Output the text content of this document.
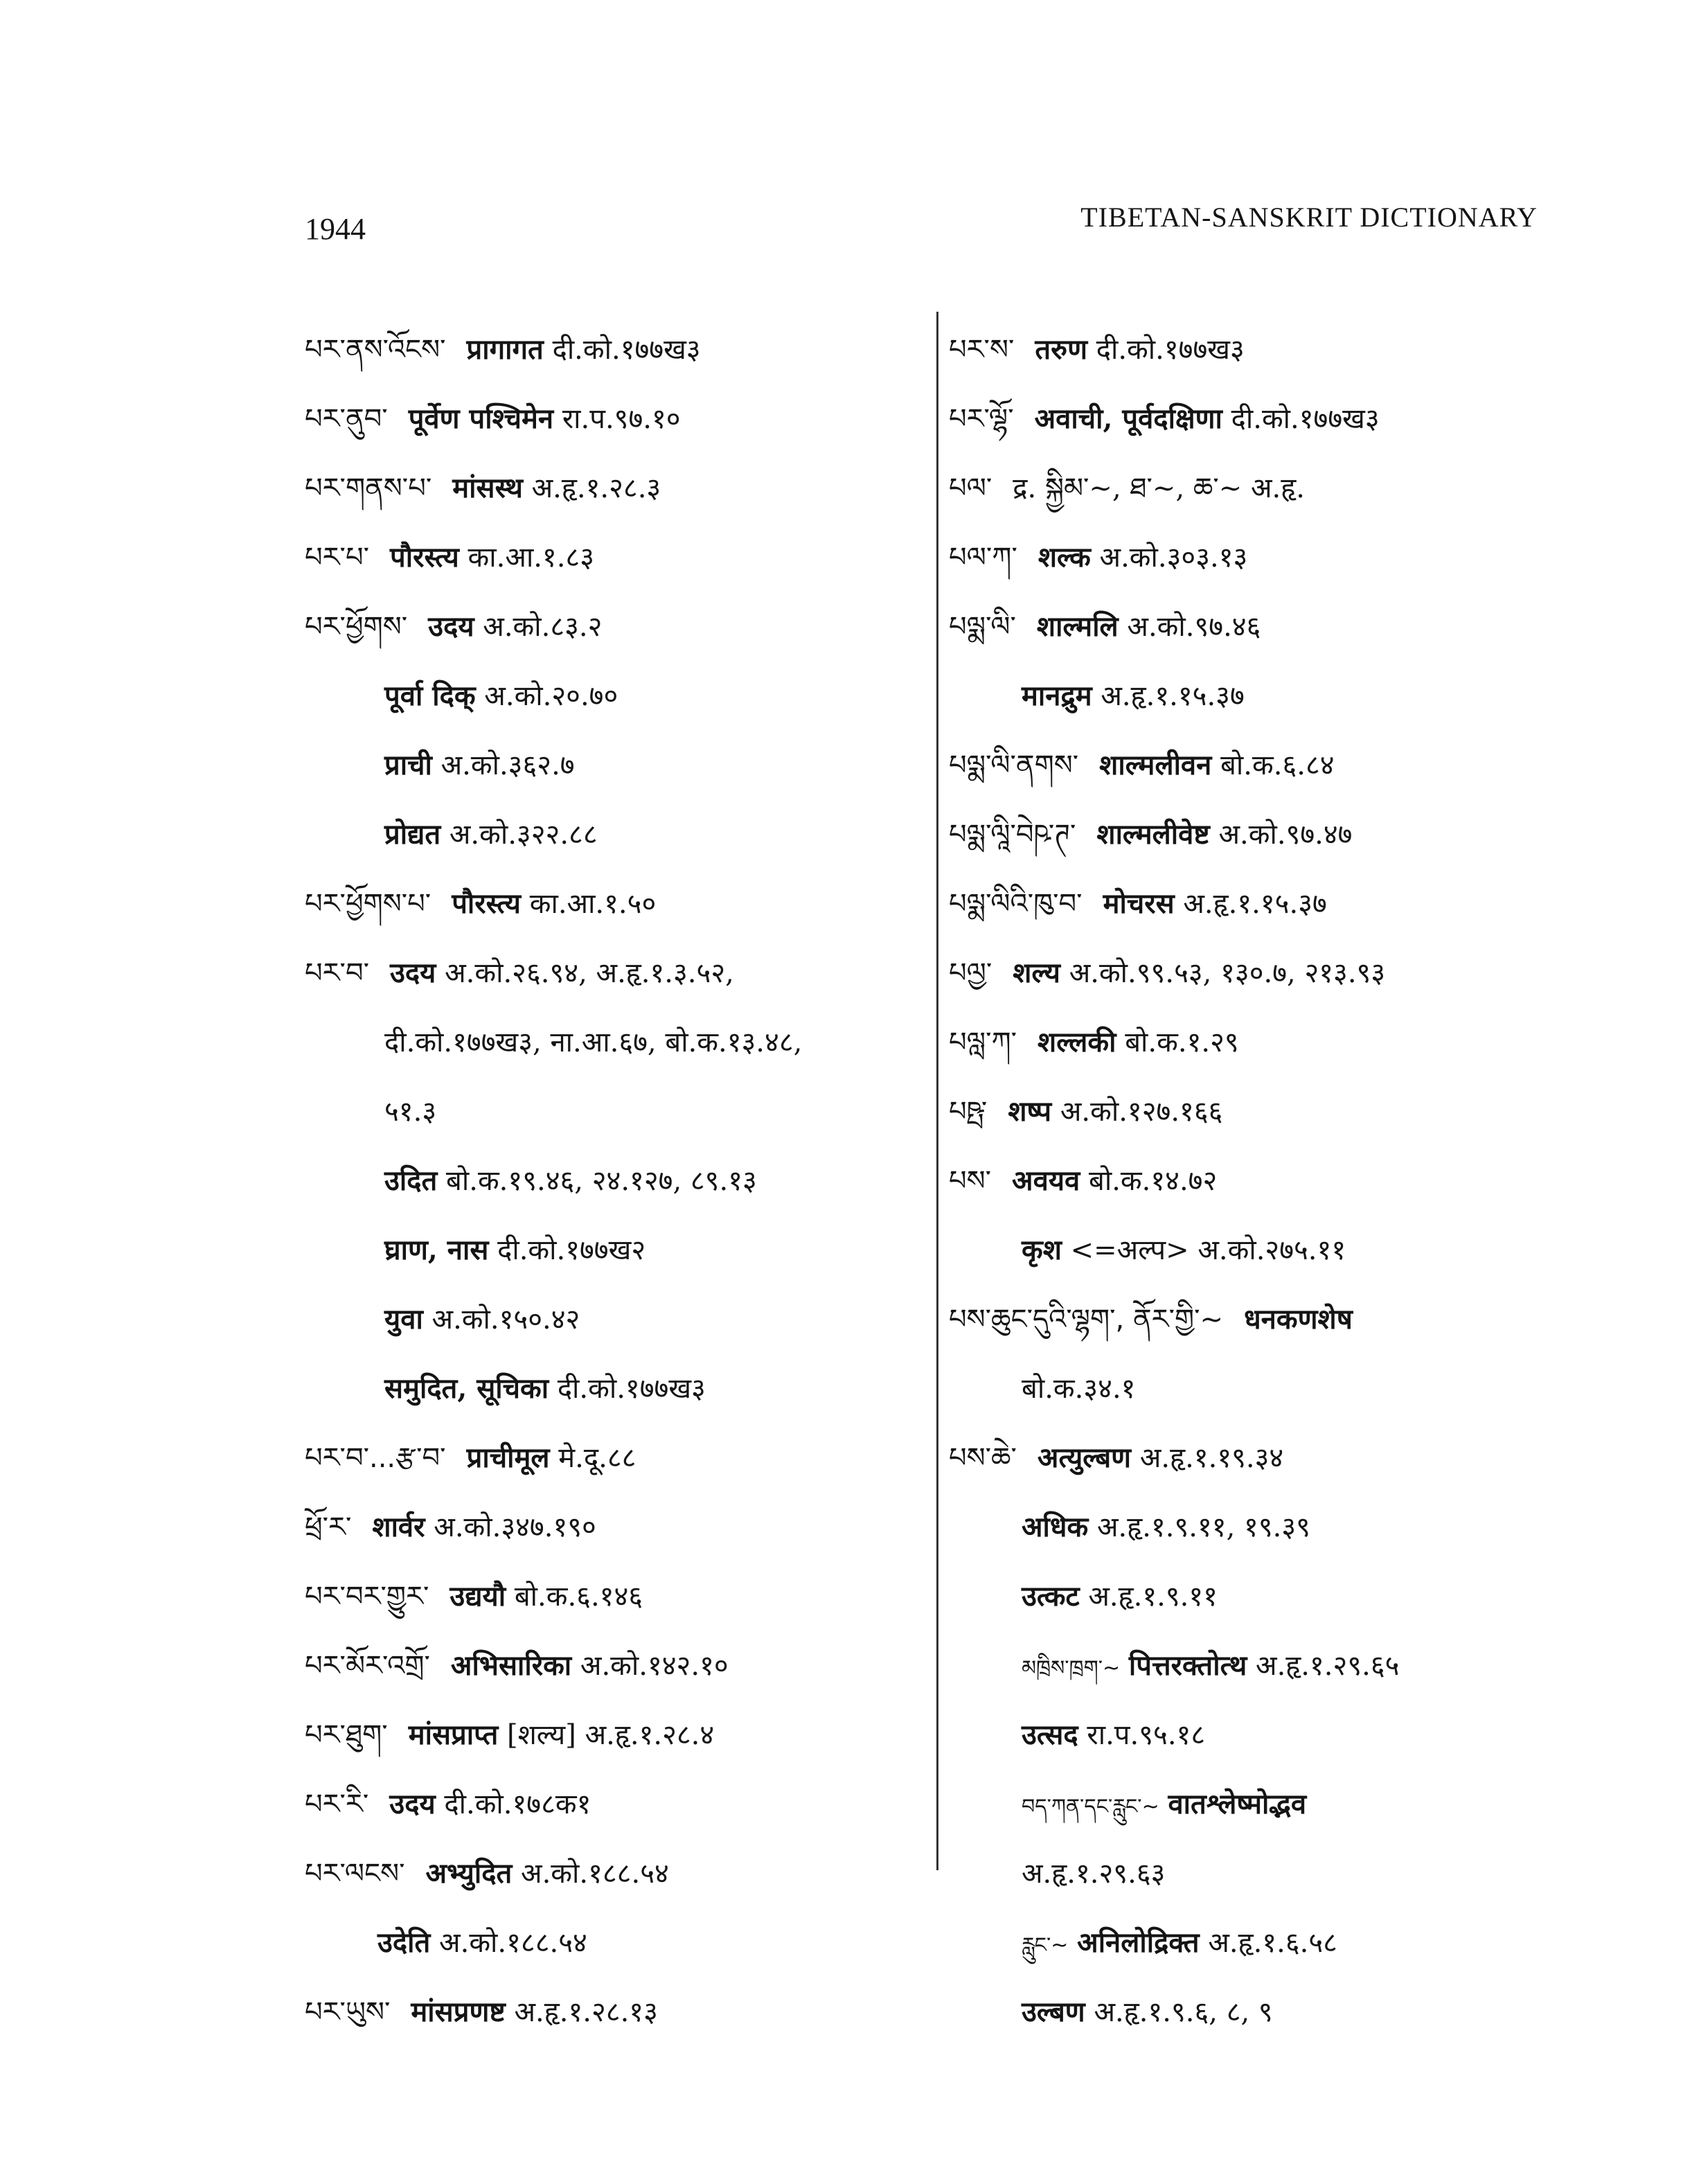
1944	TIBETAN-SANSKRIT DICTIONARY
པར་ནས་འོངས་ प्रागागत दी.को.१७७ख३
པར་ནུབ་ पूर्वेण पश्चिमेन रा.प.९७.१०
པར་གནས་པ་ मांसस्थ अ.हृ.१.२८.३
པར་པ་ पौरस्त्य का.आ.१.८३
པར་ཕྱོགས་ उदय अ.को.८३.२
पूर्वा दिक् अ.को.२०.७०
प्राची अ.को.३६२.७
प्रोद्यत अ.को.३२२.८८
པར་ཕྱོགས་པ་ पौरस्त्य का.आ.१.५०
པར་བ་ उदय अ.को.२६.९४, अ.हृ.१.३.५२,
दी.को.१७७ख३, ना.आ.६७, बो.क.१३.४८,
५१.३
उदित बो.क.१९.४६, २४.१२७, ८९.१३
घ्राण, नास दी.को.१७७ख२
युवा अ.को.१५०.४२
समुदित, सूचिका दी.को.१७७ख३
པར་བ་...རྩ་བ་ प्राचीमूल मे.दू.८८
ཕྲོ་ར་ शार्वर अ.को.३४७.१९०
པར་བར་གྱུར་ उद्ययौ बो.क.६.१४६
པར་མོར་འགྲོ་ अभिसारिका अ.को.१४२.१०
པར་ཐུག་ मांसप्राप्त [शल्य] अ.हृ.१.२८.४
པར་རི་ उदय दी.को.१७८क१
པར་ལངས་ अभ्युदित अ.को.१८८.५४
उदेति अ.को.१८८.५४
པར་ཡུས་ मांसप्रणष्ट अ.हृ.१.२८.१३
པར་ས་ तरुण दी.को.१७७ख३
པར་ལྷོ་ अवाची, पूर्वदक्षिणा दी.को.१७७ख३
པལ་ द्र. སྐྱིམ་~, ཐ་~, ཆ་~ अ.हृ.
པལ་ཀ་ शल्क अ.को.३०३.१३
པལྨ་ལི་ शाल्मलि अ.को.९७.४६
मानद्रुम अ.हृ.१.१५.३७
པལྨ་ལི་ནགས་ शाल्मलीवन बो.क.६.८४
པལྨ་ལཱི་བེཥ་ཊ་ शाल्मलीवेष्ट अ.को.९७.४७
པལྨ་ལིའི་ཁུ་བ་ मोचरस अ.हृ.१.१५.३७
པལྱ་ शल्य अ.को.९९.५३, १३०.७, २१३.९३
པལླ་ཀ་ शल्लकी बो.क.१.२९
པཥྤ་ शष्प अ.को.१२७.१६६
པས་ अवयव बो.क.१४.७२
कृश <=अल्प> अ.को.२७५.११
པས་ཆུང་དུའི་ལྷག་, ནོར་གྱི་~ धनकणशेष
बो.क.३४.१
པས་ཆེ་ अत्युल्बण अ.हृ.१.१९.३४
अधिक अ.हृ.१.९.११, १९.३९
उत्कट अ.हृ.१.९.११
མཁྲིས་ཁྲག་~ पित्तरक्तोत्थ अ.हृ.१.२९.६५
उत्सद रा.प.९५.१८
བད་ཀན་དང་རླུང་~ वातश्लेष्मोद्भव
अ.हृ.१.२९.६३
རླུང་~ अनिलोद्रिक्त अ.हृ.१.६.५८
उल्बण अ.हृ.१.९.६, ८, ९
